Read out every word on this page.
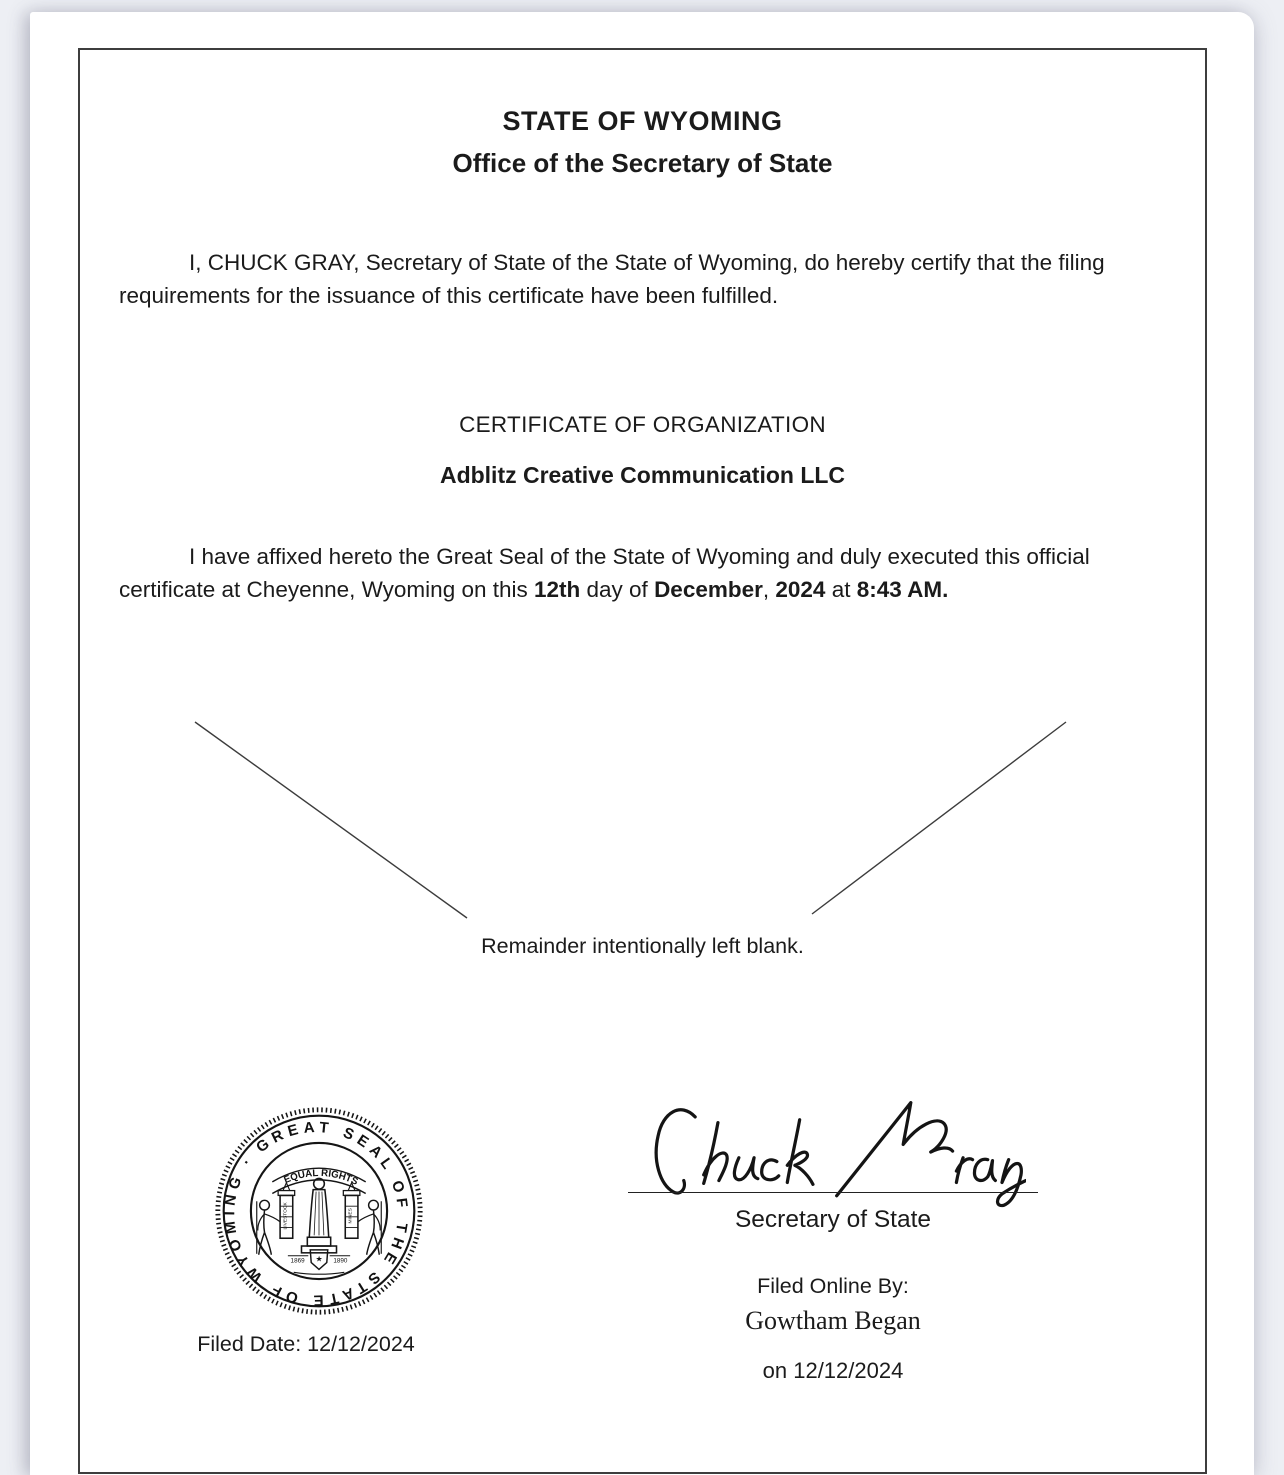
STATE OF WYOMING
Office of the Secretary of State
I, CHUCK GRAY, Secretary of State of the State of Wyoming, do hereby certify that the filing requirements for the issuance of this certificate have been fulfilled.
CERTIFICATE OF ORGANIZATION
Adblitz Creative Communication LLC
I have affixed hereto the Great Seal of the State of Wyoming and duly executed this official certificate at Cheyenne, Wyoming on this 12th day of December, 2024 at 8:43 AM.
Remainder intentionally left blank.
GREAT SEAL OF THE STATE OF WYOMING ·
EQUAL RIGHTS
LIVESTOCK	MINES
★
1869	1890
Filed Date: 12/12/2024
Secretary of State
Filed Online By:
Gowtham Began
on 12/12/2024
